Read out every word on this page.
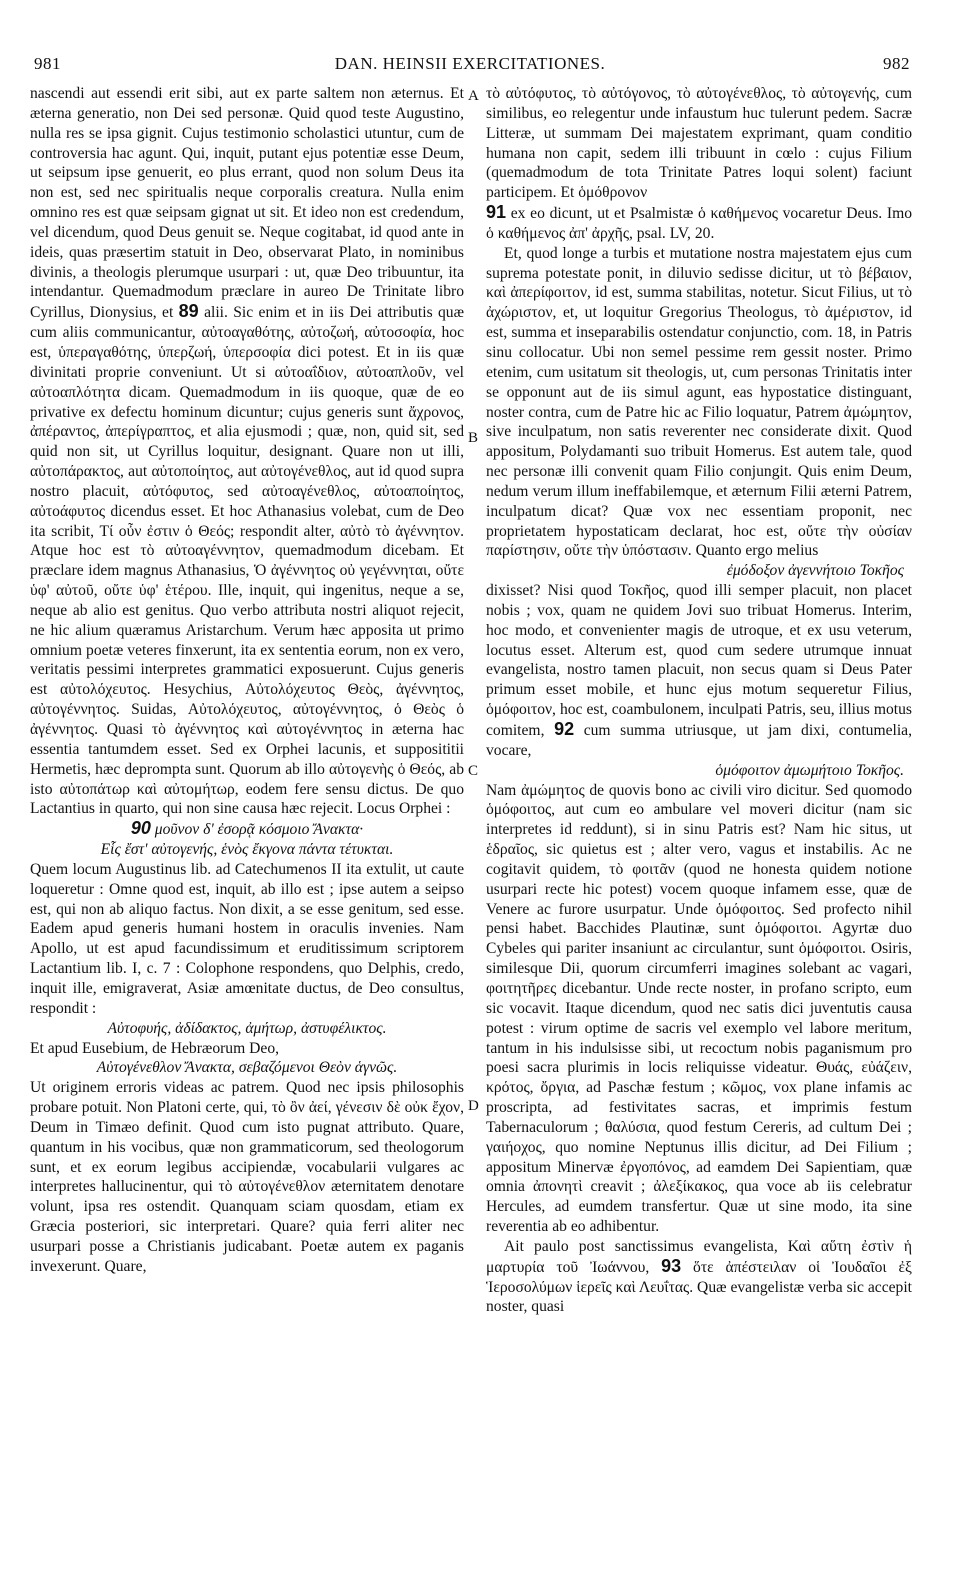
981	DAN. HEINSII EXERCITATIONES.	982
A
B
C
D

nascendi aut essendi erit sibi, aut ex parte saltem non æternus. Et æterna generatio, non Dei sed personæ. Quid quod teste Augustino, nulla res se ipsa gignit. Cujus testimonio scholastici utuntur, cum de controversia hac agunt. Qui, inquit, putant ejus potentiæ esse Deum, ut seipsum ipse genuerit, eo plus errant, quod non solum Deus ita non est, sed nec spiritualis neque corporalis creatura. Nulla enim omnino res est quæ seipsam gignat ut sit. Et ideo non est credendum, vel dicendum, quod Deus genuit se. Neque cogitabat, id quod ante in ideis, quas præsertim statuit in Deo, observarat Plato, in nominibus divinis, a theologis plerumque usurpari : ut, quæ Deo tribuuntur, ita intendantur. Quemadmodum præclare in aureo De Trinitate libro Cyrillus, Dionysius, et 89 alii. Sic enim et in iis Dei attributis quæ cum aliis communicantur, αὐτοαγαθότης, αὐτοζωή, αὐτοσοφία, hoc est, ὑπεραγαθότης, ὑπερζωή, ὑπερσοφία dici potest. Et in iis quæ divinitati proprie conveniunt. Ut si αὐτοαΐδιον, αὐτοαπλοῦν, vel αὐτοαπλότητα dicam. Quemadmodum in iis quoque, quæ de eo privative ex defectu hominum dicuntur; cujus generis sunt ἄχρονος, ἀπέραντος, ἀπερίγραπτος, et alia ejusmodi ; quæ, non, quid sit, sed quid non sit, ut Cyrillus loquitur, designant. Quare non ut illi, αὐτοπάρακτος, aut αὐτοποίητος, aut αὐτογένεθλος, aut id quod supra nostro placuit, αὐτόφυτος, sed αὐτοαγένεθλος, αὐτοαποίητος, αὐτοάφυτος dicendus esset. Et hoc Athanasius volebat, cum de Deo ita scribit, Τί οὖν ἐστιν ὁ Θεός; respondit alter, αὐτὸ τὸ ἀγέννητον. Atque hoc est τὸ αὐτοαγέννητον, quemadmodum dicebam. Et præclare idem magnus Athanasius, Ὁ ἀγέννητος οὐ γεγέννηται, οὔτε ὑφ' αὐτοῦ, οὔτε ὑφ' ἑτέρου. Ille, inquit, qui ingenitus, neque a se, neque ab alio est genitus. Quo verbo attributa nostri aliquot rejecit, ne hic alium quæramus Aristarchum. Verum hæc apposita ut primo omnium poetæ veteres finxerunt, ita ex sententia eorum, non ex vero, veritatis pessimi interpretes grammatici exposuerunt. Cujus generis est αὐτολόχευτος. Hesychius, Αὐτολόχευτος Θεὸς, ἀγέννητος, αὐτογέννητος. Suidas, Αὐτολόχευτος, αὐτογέννητος, ὁ Θεὸς ὁ ἀγέννητος. Quasi τὸ ἀγέννητος καὶ αὐτογέννητος in æterna hac essentia tantumdem esset. Sed ex Orphei lacunis, et supposititii Hermetis, hæc deprompta sunt. Quorum ab illo αὐτογενὴς ὁ Θεός, ab isto αὐτοπάτωρ καὶ αὐτομήτωρ, eodem fere sensu dictus. De quo Lactantius in quarto, qui non sine causa hæc rejecit. Locus Orphei :

90 μοῦνον δ' ἐσορᾷ κόσμοιο Ἄνακτα·

Εἷς ἔστ' αὐτογενής, ἑνὸς ἔκγονα πάντα τέτυκται.

Quem locum Augustinus lib. ad Catechumenos II ita extulit, ut caute loqueretur : Omne quod est, inquit, ab illo est ; ipse autem a seipso est, qui non ab aliquo factus. Non dixit, a se esse genitum, sed esse. Eadem apud generis humani hostem in oraculis invenies. Nam Apollo, ut est apud facundissimum et eruditissimum scriptorem Lactantium lib. I, c. 7 : Colophone respondens, quo Delphis, credo, inquit ille, emigraverat, Asiæ amœnitate ductus, de Deo consultus, respondit :

Αὐτοφυής, ἀδίδακτος, ἀμήτωρ, ἀστυφέλικτος.

Et apud Eusebium, de Hebræorum Deo,

Αὐτογένεθλον Ἄνακτα, σεβαζόμενοι Θεὸν ἁγνῶς.

Ut originem erroris videas ac patrem. Quod nec ipsis philosophis probare potuit. Non Platoni certe, qui, τὸ ὂν ἀεί, γένεσιν δὲ οὐκ ἔχον, Deum in Timæo definit. Quod cum isto pugnat attributo. Quare, quantum in his vocibus, quæ non grammaticorum, sed theologorum sunt, et ex eorum legibus accipiendæ, vocabularii vulgares ac interpretes hallucinentur, qui τὸ αὐτογένεθλον æternitatem denotare volunt, ipsa res ostendit. Quanquam sciam quosdam, etiam ex Græcia posteriori, sic interpretari. Quare? quia ferri aliter nec usurpari posse a Christianis judicabant. Poetæ autem ex paganis invexerunt. Quare,

τὸ αὐτόφυτος, τὸ αὐτόγονος, τὸ αὐτογένεθλος, τὸ αὐτογενής, cum similibus, eo relegentur unde infaustum huc tulerunt pedem. Sacræ Litteræ, ut summam Dei majestatem exprimant, quam conditio humana non capit, sedem illi tribuunt in cœlo : cujus Filium (quemadmodum de tota Trinitate Patres loqui solent) faciunt participem. Et ὁμόθρονον

91 ex eo dicunt, ut et Psalmistæ ὁ καθήμενος vocaretur Deus. Imo ὁ καθήμενος ἀπ' ἀρχῆς, psal. LV, 20.

Et, quod longe a turbis et mutatione nostra majestatem ejus cum suprema potestate ponit, in diluvio sedisse dicitur, ut τὸ βέβαιον, καὶ ἀπερίφοιτον, id est, summa stabilitas, notetur. Sicut Filius, ut τὸ ἀχώριστον, et, ut loquitur Gregorius Theologus, τὸ ἀμέριστον, id est, summa et inseparabilis ostendatur conjunctio, com. 18, in Patris sinu collocatur. Ubi non semel pessime rem gessit noster. Primo etenim, cum usitatum sit theologis, ut, cum personas Trinitatis inter se opponunt aut de iis simul agunt, eas hypostatice distinguant, noster contra, cum de Patre hic ac Filio loquatur, Patrem ἀμώμητον, sive inculpatum, non satis reverenter nec considerate dixit. Quod appositum, Polydamanti suo tribuit Homerus. Est autem tale, quod nec personæ illi convenit quam Filio conjungit. Quis enim Deum, nedum verum illum ineffabilemque, et æternum Filii æterni Patrem, inculpatum dicat? Quæ vox nec essentiam proponit, nec proprietatem hypostaticam declarat, hoc est, οὔτε τὴν οὐσίαν παρίστησιν, οὔτε τὴν ὑπόστασιν. Quanto ergo melius

ἐμόδοξον ἀγεννήτοιο Τοκῆος

dixisset? Nisi quod Τοκῆος, quod illi semper placuit, non placet nobis ; vox, quam ne quidem Jovi suo tribuat Homerus. Interim, hoc modo, et convenienter magis de utroque, et ex usu veterum, locutus esset. Alterum est, quod cum sedere utrumque innuat evangelista, nostro tamen placuit, non secus quam si Deus Pater primum esset mobile, et hunc ejus motum sequeretur Filius, ὁμόφοιτον, hoc est, coambulonem, inculpati Patris, seu, illius motus comitem, 92 cum summa utriusque, ut jam dixi, contumelia, vocare,

ὁμόφοιτον ἀμωμήτοιο Τοκῆος.

Nam ἀμώμητος de quovis bono ac civili viro dicitur. Sed quomodo ὁμόφοιτος, aut cum eo ambulare vel moveri dicitur (nam sic interpretes id reddunt), si in sinu Patris est? Nam hic situs, ut ἑδραῖος, sic quietus est ; alter vero, vagus et instabilis. Ac ne cogitavit quidem, τὸ φοιτᾶν (quod ne honesta quidem notione usurpari recte hic potest) vocem quoque infamem esse, quæ de Venere ac furore usurpatur. Unde ὁμόφοιτος. Sed profecto nihil pensi habet. Bacchides Plautinæ, sunt ὁμόφοιτοι. Agyrtæ duo Cybeles qui pariter insaniunt ac circulantur, sunt ὁμόφοιτοι. Osiris, similesque Dii, quorum circumferri imagines solebant ac vagari, φοιτητῆρες dicebantur. Unde recte noster, in profano scripto, eum sic vocavit. Itaque dicendum, quod nec satis dici juventutis causa potest : virum optime de sacris vel exemplo vel labore meritum, tantum in his indulsisse sibi, ut recoctum nobis paganismum pro poesi sacra plurimis in locis reliquisse videatur. Θυάς, εὐάζειν, κρότος, ὄργια, ad Paschæ festum ; κῶμος, vox plane infamis ac proscripta, ad festivitates sacras, et imprimis festum Tabernaculorum ; θαλύσια, quod festum Cereris, ad cultum Dei ; γαιήοχος, quo nomine Neptunus illis dicitur, ad Dei Filium ; appositum Minervæ ἐργοπόνος, ad eamdem Dei Sapientiam, quæ omnia ἀπονητὶ creavit ; ἀλεξίκακος, qua voce ab iis celebratur Hercules, ad eumdem transfertur. Quæ ut sine modo, ita sine reverentia ab eo adhibentur.

Ait paulo post sanctissimus evangelista, Καὶ αὕτη ἐστὶν ἡ μαρτυρία τοῦ Ἰωάννου, 93 ὅτε ἀπέστειλαν οἱ Ἰουδαῖοι ἐξ Ἱεροσολύμων ἱερεῖς καὶ Λευΐτας. Quæ evangelistæ verba sic accepit noster, quasi
